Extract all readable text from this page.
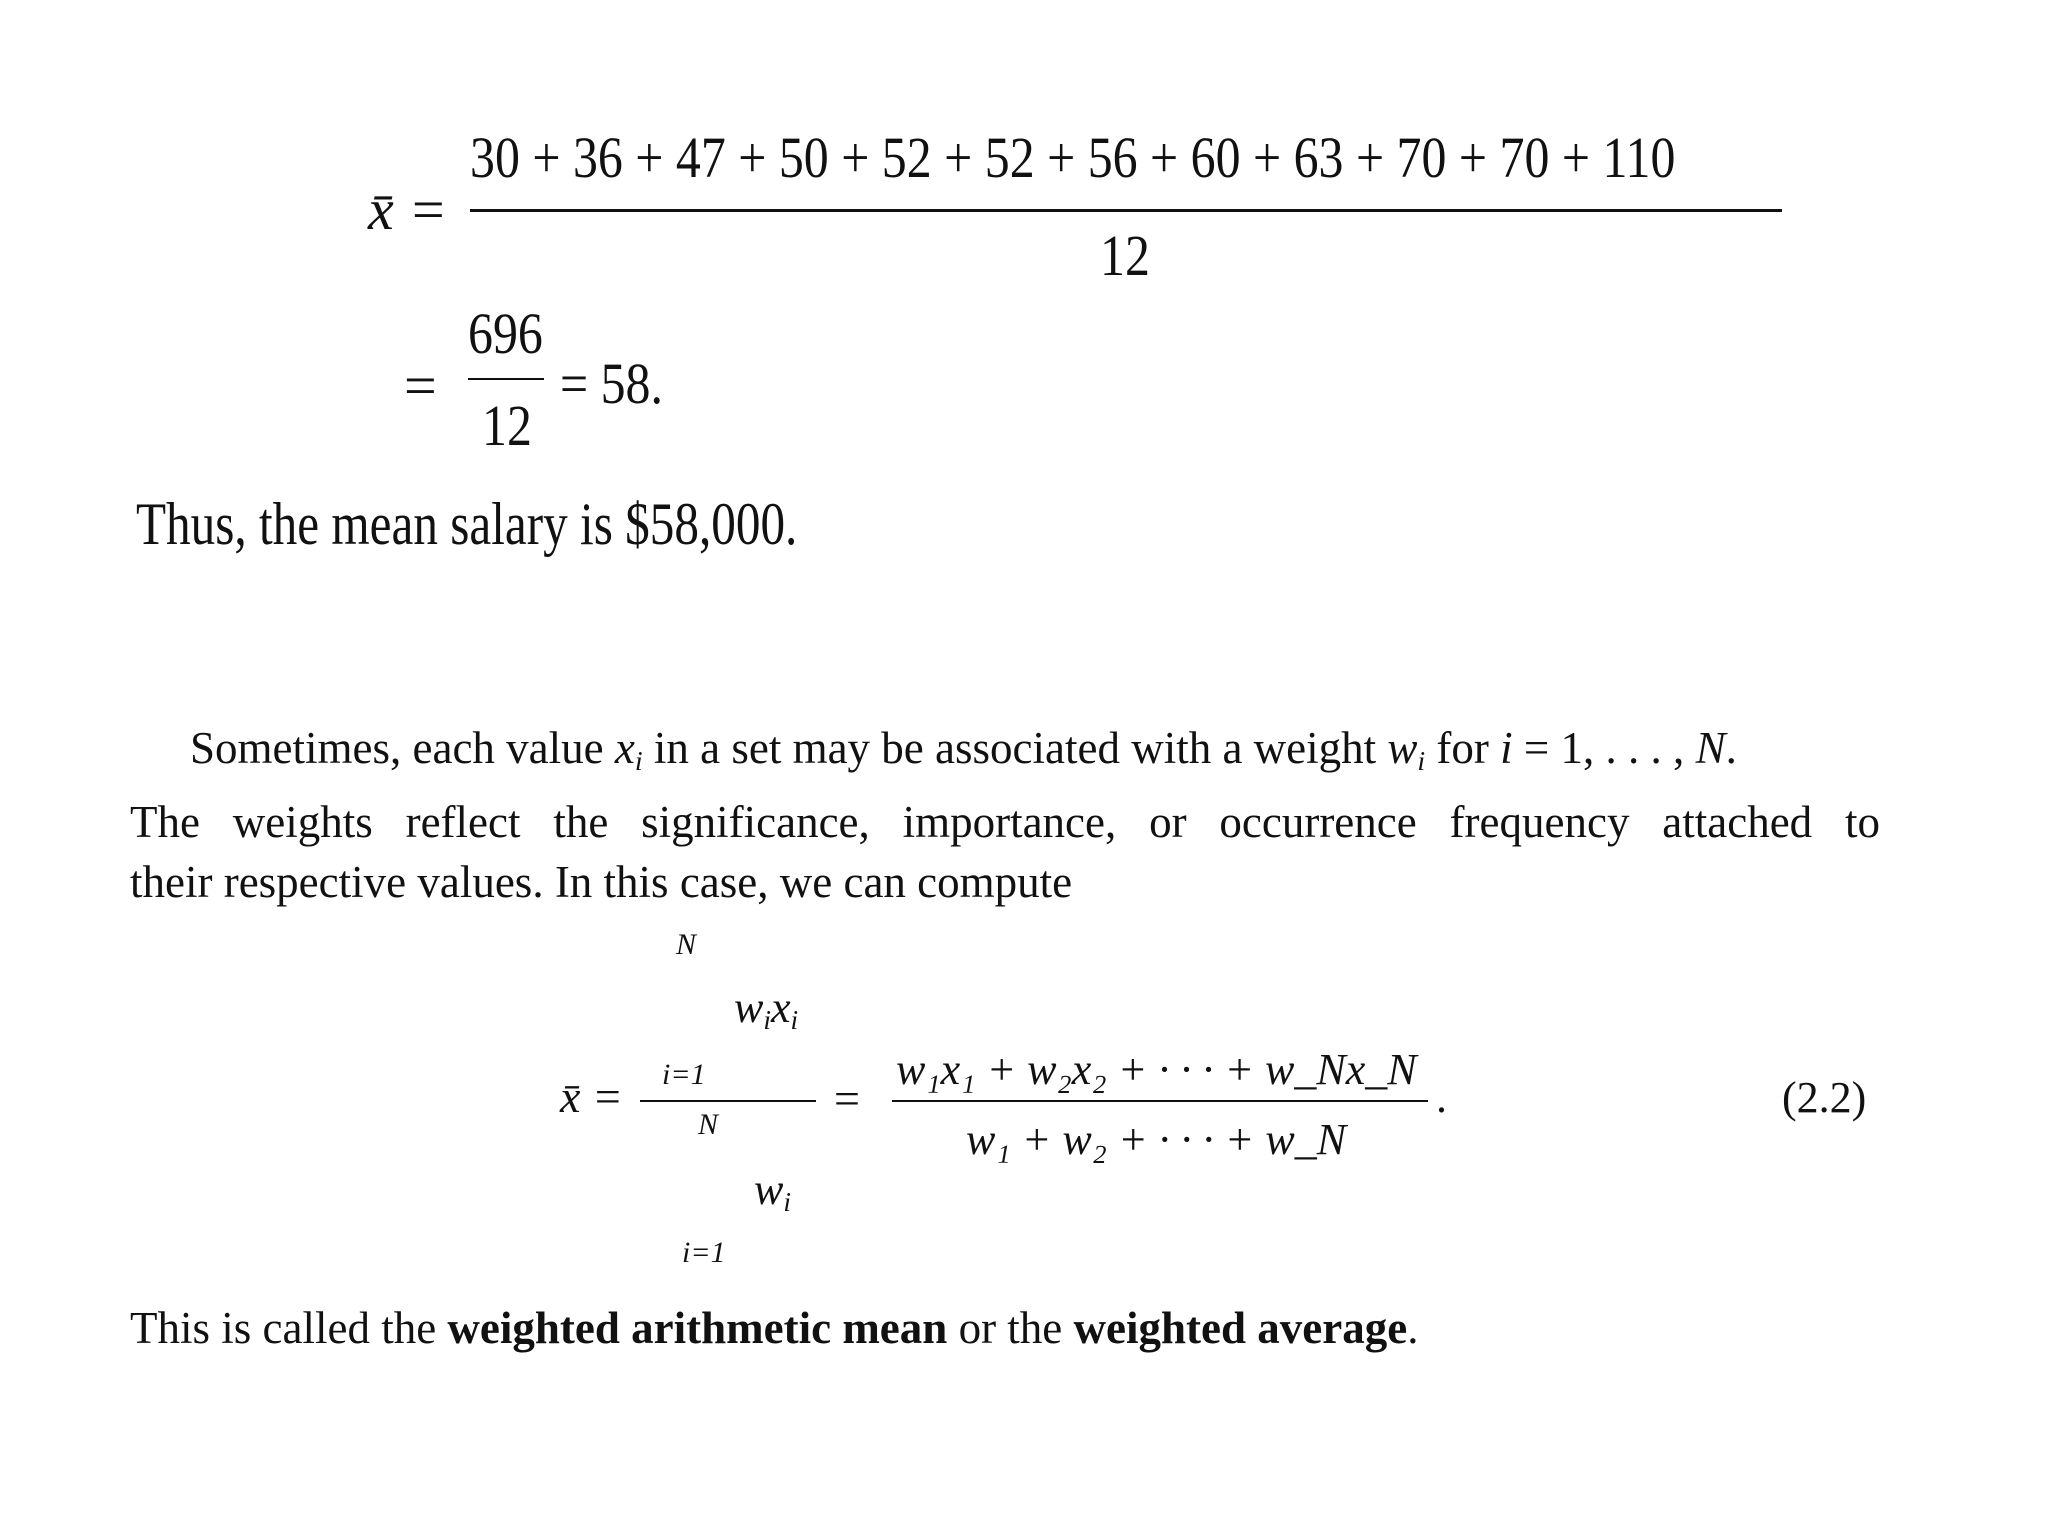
x̄ =
30 + 36 + 47 + 50 + 52 + 52 + 56 + 60 + 63 + 70 + 70 + 110
12
=
696
12
= 58.
Thus, the mean salary is $58,000.
Sometimes, each value $x_i$ in a set may be associated with a weight $w_i$ for i = 1, . . . , N.
The weights reflect the significance, importance, or occurrence frequency attached to
their respective values. In this case, we can compute
x̄ =
N
$w_ix_i$
i=1
N
$w_i$
i=1
=
w₁x₁ + w₂x₂ + · · · + w_Nx_N
w₁ + w₂ + · · · + w_N
.	(2.2)
This is called the weighted arithmetic mean or the weighted average.
